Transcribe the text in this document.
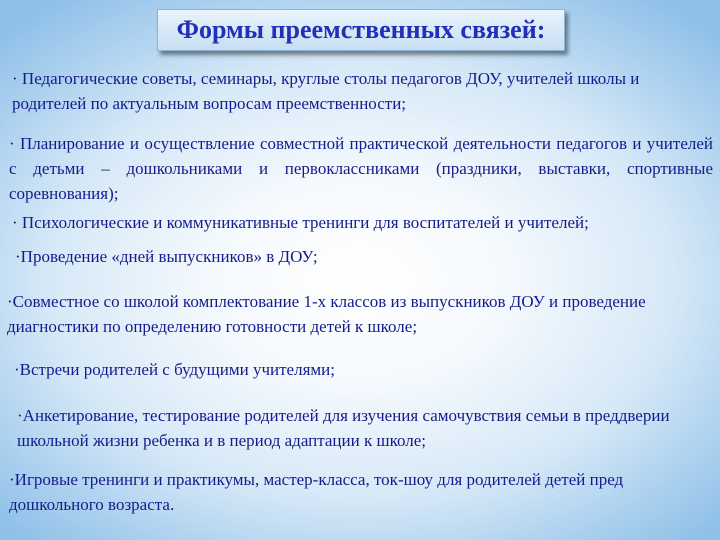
Формы преемственных связей:

· Педагогические советы, семинары, круглые столы педагогов ДОУ, учителей школы и родителей по актуальным вопросам преемственности;

· Планирование и осуществление совместной практической деятельности педагогов и учителей с детьми – дошкольниками и первоклассниками (праздники, выставки, спортивные соревнования);

· Психологические и коммуникативные тренинги для воспитателей и учителей;

·Проведение «дней выпускников» в ДОУ;

·Совместное со школой комплектование 1-х классов из выпускников ДОУ и проведение диагностики по определению готовности детей к школе;

·Встречи родителей с будущими учителями;

·Анкетирование, тестирование родителей для изучения самочувствия семьи в преддверии школьной жизни ребенка и в период адаптации к школе;

·Игровые тренинги и практикумы, мастер-класса, ток-шоу для родителей детей пред дошкольного возраста.
